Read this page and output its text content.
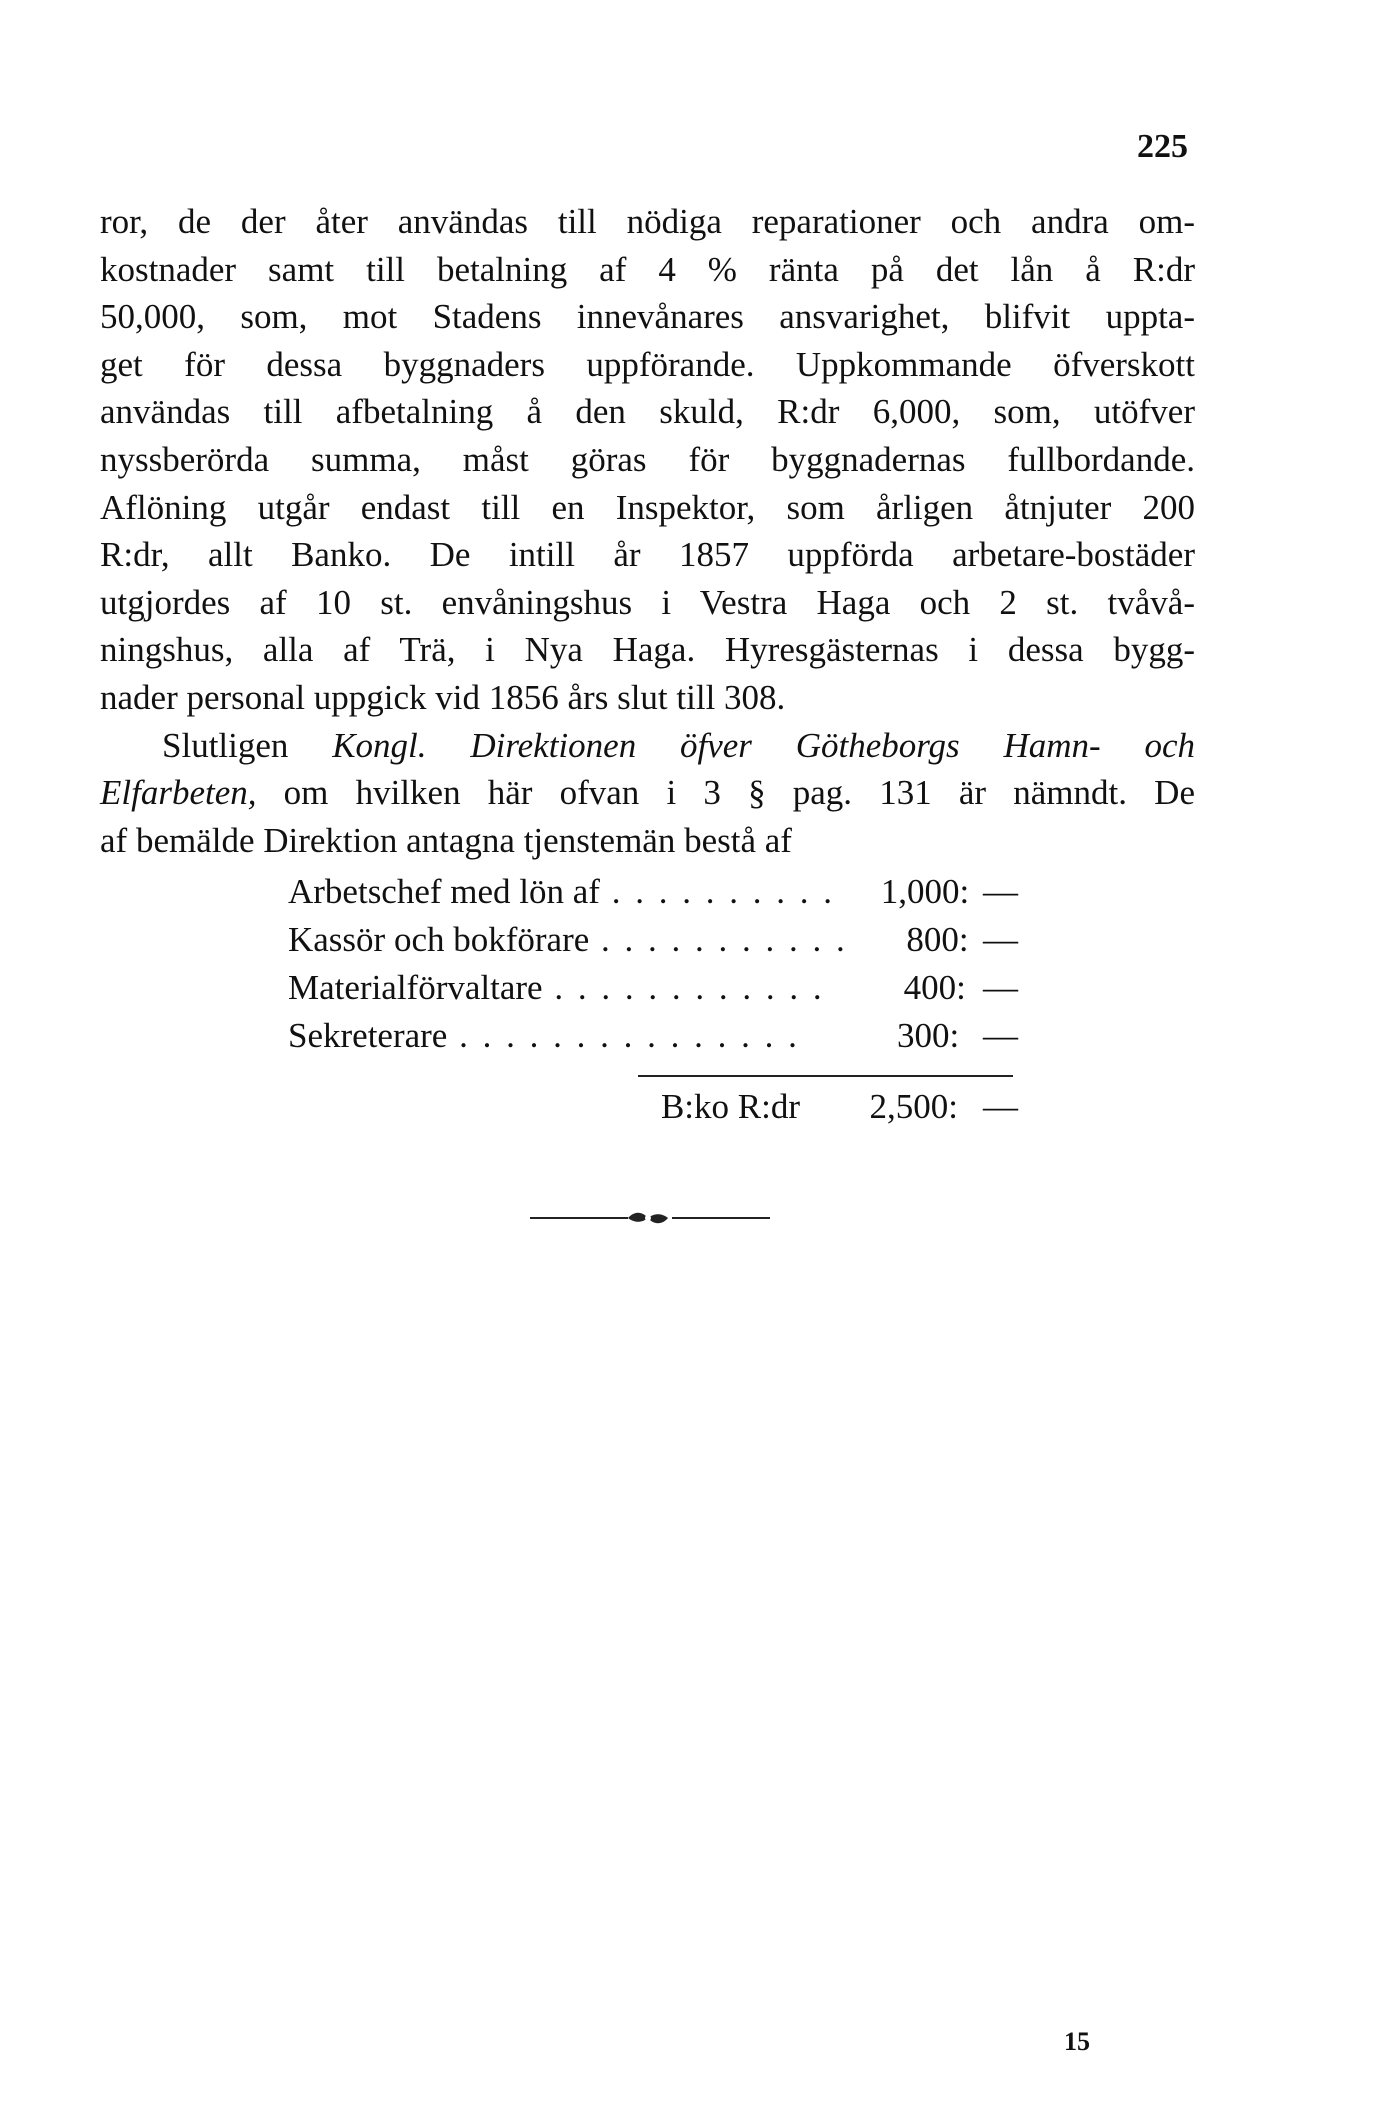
225
ror, de der åter användas till nödiga reparationer och andra om-
kostnader samt till betalning af 4 % ränta på det lån å R:dr
50,000, som, mot Stadens innevånares ansvarighet, blifvit uppta-
get för dessa byggnaders uppförande. Uppkommande öfverskott
användas till afbetalning å den skuld, R:dr 6,000, som, utöfver
nyssberörda summa, måst göras för byggnadernas fullbordande.
Aflöning utgår endast till en Inspektor, som årligen åtnjuter 200
R:dr, allt Banko. De intill år 1857 uppförda arbetare-bostäder
utgjordes af 10 st. envåningshus i Vestra Haga och 2 st. tvåvå-
ningshus, alla af Trä, i Nya Haga. Hyresgästernas i dessa bygg-
nader personal uppgick vid 1856 års slut till 308.
Slutligen Kongl. Direktionen öfver Götheborgs Hamn- och
Elfarbeten, om hvilken här ofvan i 3 § pag. 131 är nämndt. De
af bemälde Direktion antagna tjenstemän bestå af
Arbetschef med lön af . . .	1,000: —
Kassör och bokförare . . .	800: —
Materialförvaltare . . .	400: —
Sekreterare . . .	300: —
B:ko R:dr	2,500: —
15
